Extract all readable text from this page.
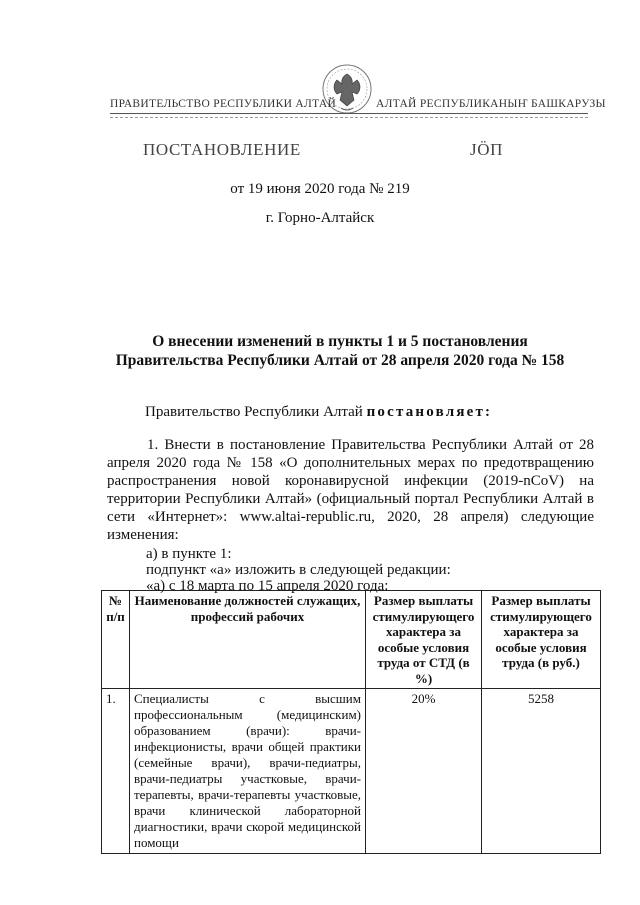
ПРАВИТЕЛЬСТВО РЕСПУБЛИКИ АЛТАЙ	АЛТАЙ РЕСПУБЛИКАНЫҤ БАШКАРУЗЫ
ПОСТАНОВЛЕНИЕ	ЈӦП
от 19 июня 2020 года № 219
г. Горно-Алтайск
О внесении изменений в пункты 1 и 5 постановления Правительства Республики Алтай от 28 апреля 2020 года № 158
Правительство Республики Алтай постановляет:
1. Внести в постановление Правительства Республики Алтай от 28 апреля 2020 года № 158 «О дополнительных мерах по предотвращению распространения новой коронавирусной инфекции (2019-nCoV) на территории Республики Алтай» (официальный портал Республики Алтай в сети «Интернет»: www.altai-republic.ru, 2020, 28 апреля) следующие изменения:
а) в пункте 1:
подпункт «а» изложить в следующей редакции:
«а) с 18 марта по 15 апреля 2020 года:
№ п/п	Наименование должностей служащих, профессий рабочих	Размер выплаты стимулирующего характера за особые условия труда от СТД (в %)	Размер выплаты стимулирующего характера за особые условия труда (в руб.)
1.	Специалисты с высшим профессиональным (медицинским) образованием (врачи): врачи-инфекционисты, врачи общей практики (семейные врачи), врачи-педиатры, врачи-педиатры участковые, врачи-терапевты, врачи-терапевты участковые, врачи клинической лабораторной диагностики, врачи скорой медицинской помощи	20%	5258
